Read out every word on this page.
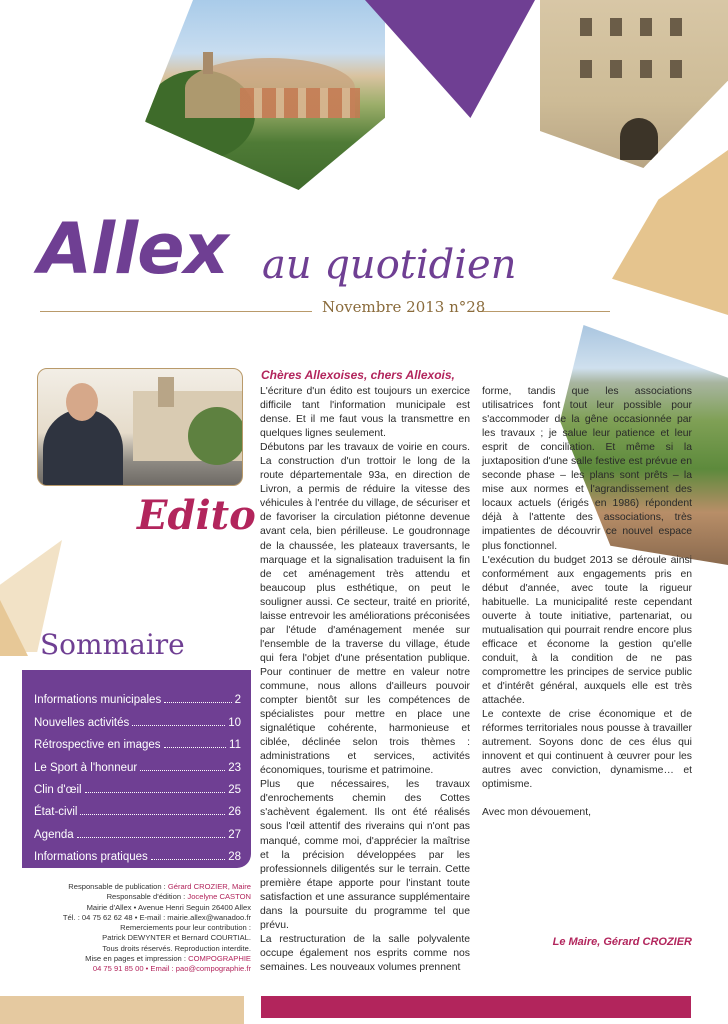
Allex au quotidien
Novembre 2013 n°28
Edito
Sommaire
Informations municipales	2
Nouvelles activités	10
Rétrospective en images	11
Le Sport à l'honneur	23
Clin d'œil	25
État-civil	26
Agenda	27
Informations pratiques	28
Responsable de publication : Gérard CROZIER, Maire
Responsable d'édition : Jocelyne CASTON
Mairie d'Allex • Avenue Henri Seguin 26400 Allex
Tél. : 04 75 62 62 48 • E-mail : mairie.allex@wanadoo.fr
Remerciements pour leur contribution :
Patrick DEWYNTER et Bernard COURTIAL.
Tous droits réservés. Reproduction interdite.
Mise en pages et impression : COMPOGRAPHIE
04 75 91 85 00 • Email : pao@compographie.fr
Chères Allexoises, chers Allexois,

L'écriture d'un édito est toujours un exercice difficile tant l'information municipale est dense. Et il me faut vous la transmettre en quelques lignes seulement.

Débutons par les travaux de voirie en cours. La construction d'un trottoir le long de la route départementale 93a, en direction de Livron, a permis de réduire la vitesse des véhicules à l'entrée du village, de sécuriser et de favoriser la circulation piétonne devenue avant cela, bien périlleuse. Le goudronnage de la chaussée, les plateaux traversants, le marquage et la signalisation traduisent la fin de cet aménagement très attendu et beaucoup plus esthétique, on peut le souligner aussi. Ce secteur, traité en priorité, laisse entrevoir les améliorations préconisées par l'étude d'aménagement menée sur l'ensemble de la traverse du village, étude qui fera l'objet d'une présentation publique. Pour continuer de mettre en valeur notre commune, nous allons d'ailleurs pouvoir compter bientôt sur les compétences de spécialistes pour mettre en place une signalétique cohérente, harmonieuse et ciblée, déclinée selon trois thèmes : administrations et services, activités économiques, tourisme et patrimoine.

Plus que nécessaires, les travaux d'enrochements chemin des Cottes s'achèvent également. Ils ont été réalisés sous l'œil attentif des riverains qui n'ont pas manqué, comme moi, d'apprécier la maîtrise et la précision développées par les professionnels diligentés sur le terrain. Cette première étape apporte pour l'instant toute satisfaction et une assurance supplémentaire dans la poursuite du programme tel que prévu.

La restructuration de la salle polyvalente occupe également nos esprits comme nos semaines. Les nouveaux volumes prennent

forme, tandis que les associations utilisatrices font tout leur possible pour s'accommoder de la gêne occasionnée par les travaux ; je salue leur patience et leur esprit de conciliation. Et même si la juxtaposition d'une salle festive est prévue en seconde phase – les plans sont prêts – la mise aux normes et l'agrandissement des locaux actuels (érigés en 1986) répondent déjà à l'attente des associations, très impatientes de découvrir ce nouvel espace plus fonctionnel.

L'exécution du budget 2013 se déroule ainsi conformément aux engagements pris en début d'année, avec toute la rigueur habituelle. La municipalité reste cependant ouverte à toute initiative, partenariat, ou mutualisation qui pourrait rendre encore plus efficace et économe la gestion qu'elle conduit, à la condition de ne pas compromettre les principes de service public et d'intérêt général, auxquels elle est très attachée.

Le contexte de crise économique et de réformes territoriales nous pousse à travailler autrement. Soyons donc de ces élus qui innovent et qui continuent à œuvrer pour les autres avec conviction, dynamisme… et optimisme.

Avec mon dévouement,

Le Maire, Gérard CROZIER
